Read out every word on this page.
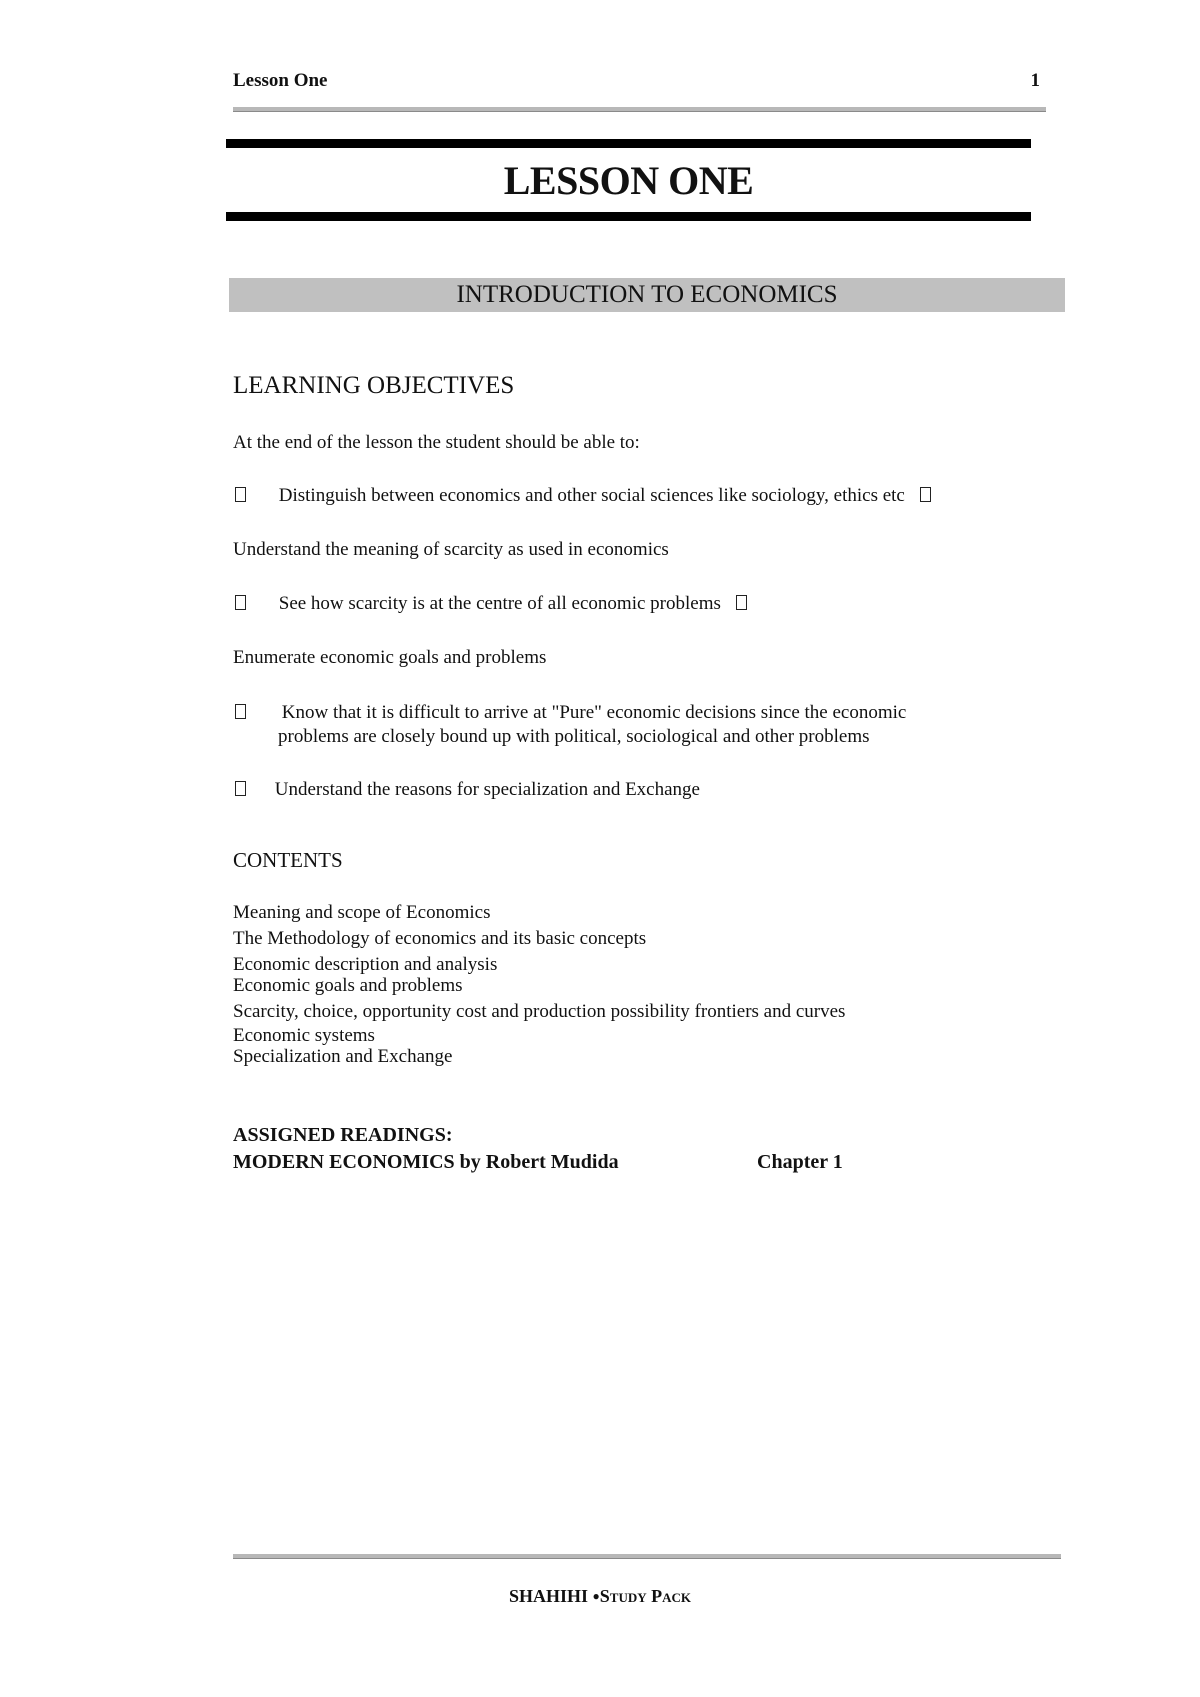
Lesson One	1
LESSON ONE
INTRODUCTION TO ECONOMICS
LEARNING OBJECTIVES
At the end of the lesson the student should be able to:
Distinguish between economics and other social sciences like sociology, ethics etc
Understand the meaning of scarcity as used in economics
See how scarcity is at the centre of all economic problems
Enumerate economic goals and problems
Know that it is difficult to arrive at "Pure" economic decisions since the economic
problems are closely bound up with political, sociological and other problems
Understand the reasons for specialization and Exchange
CONTENTS
Meaning and scope of Economics
The Methodology of economics and its basic concepts
Economic description and analysis
Economic goals and problems
Scarcity, choice, opportunity cost and production possibility frontiers and curves
Economic systems
Specialization and Exchange
ASSIGNED READINGS:
MODERN ECONOMICS by Robert Mudida	Chapter 1
SHAHIHI ●Study Pack
